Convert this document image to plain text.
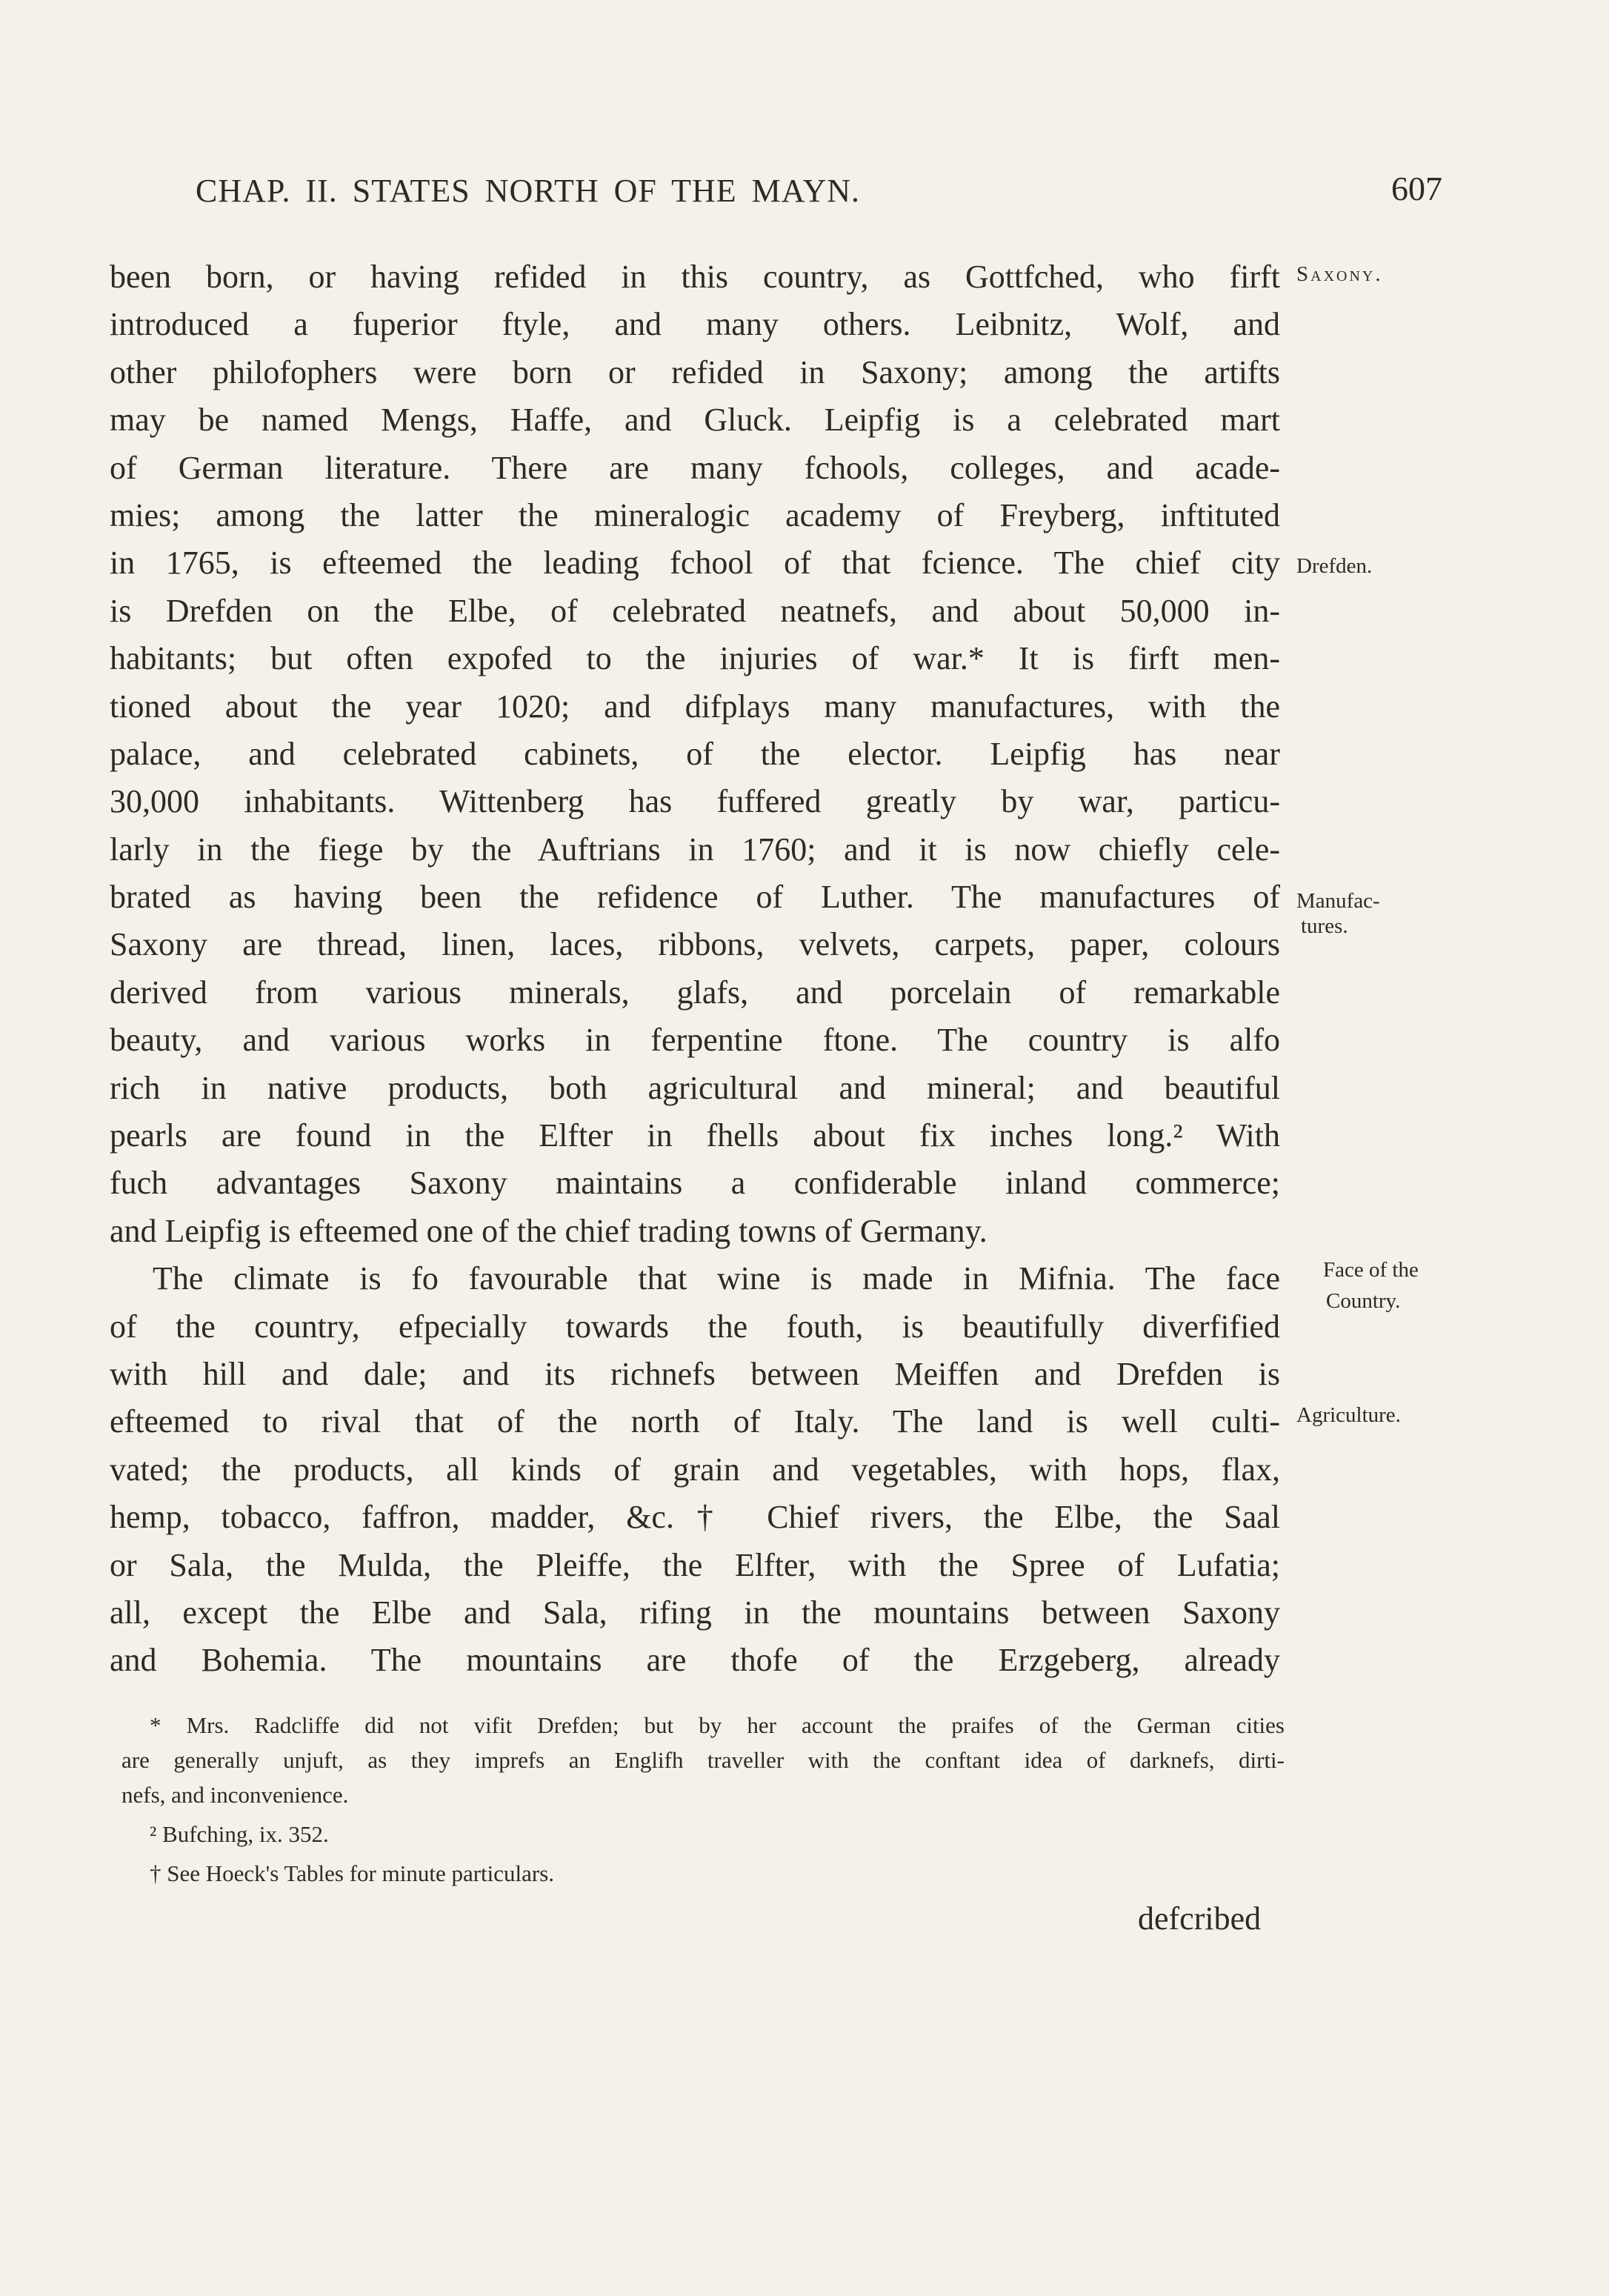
CHAP. II. STATES NORTH OF THE MAYN.	607
been born, or having refided in this country, as Gottfched, who firft
introduced a fuperior ftyle, and many others. Leibnitz, Wolf, and
other philofophers were born or refided in Saxony; among the artifts
may be named Mengs, Haffe, and Gluck. Leipfig is a celebrated mart
of German literature. There are many fchools, colleges, and acade-
mies; among the latter the mineralogic academy of Freyberg, inftituted
in 1765, is efteemed the leading fchool of that fcience. The chief city
is Drefden on the Elbe, of celebrated neatnefs, and about 50,000 in-
habitants; but often expofed to the injuries of war.* It is firft men-
tioned about the year 1020; and difplays many manufactures, with the
palace, and celebrated cabinets, of the elector. Leipfig has near
30,000 inhabitants. Wittenberg has fuffered greatly by war, particu-
larly in the fiege by the Auftrians in 1760; and it is now chiefly cele-
brated as having been the refidence of Luther. The manufactures of
Saxony are thread, linen, laces, ribbons, velvets, carpets, paper, colours
derived from various minerals, glafs, and porcelain of remarkable
beauty, and various works in ferpentine ftone. The country is alfo
rich in native products, both agricultural and mineral; and beautiful
pearls are found in the Elfter in fhells about fix inches long.² With
fuch advantages Saxony maintains a confiderable inland commerce;
and Leipfig is efteemed one of the chief trading towns of Germany.
The climate is fo favourable that wine is made in Mifnia. The face
of the country, efpecially towards the fouth, is beautifully diverfified
with hill and dale; and its richnefs between Meiffen and Drefden is
efteemed to rival that of the north of Italy. The land is well culti-
vated; the products, all kinds of grain and vegetables, with hops, flax,
hemp, tobacco, faffron, madder, &c.† Chief rivers, the Elbe, the Saal
or Sala, the Mulda, the Pleiffe, the Elfter, with the Spree of Lufatia;
all, except the Elbe and Sala, rifing in the mountains between Saxony
and Bohemia. The mountains are thofe of the Erzgeberg, already
Saxony.
Drefden.
Manufac-
tures.
Face of the
Country.
Agriculture.
* Mrs. Radcliffe did not vifit Drefden; but by her account the praifes of the German cities
are generally unjuft, as they imprefs an Englifh traveller with the conftant idea of darknefs, dirti-
nefs, and inconvenience.
² Bufching, ix. 352.
† See Hoeck's Tables for minute particulars.
defcribed
